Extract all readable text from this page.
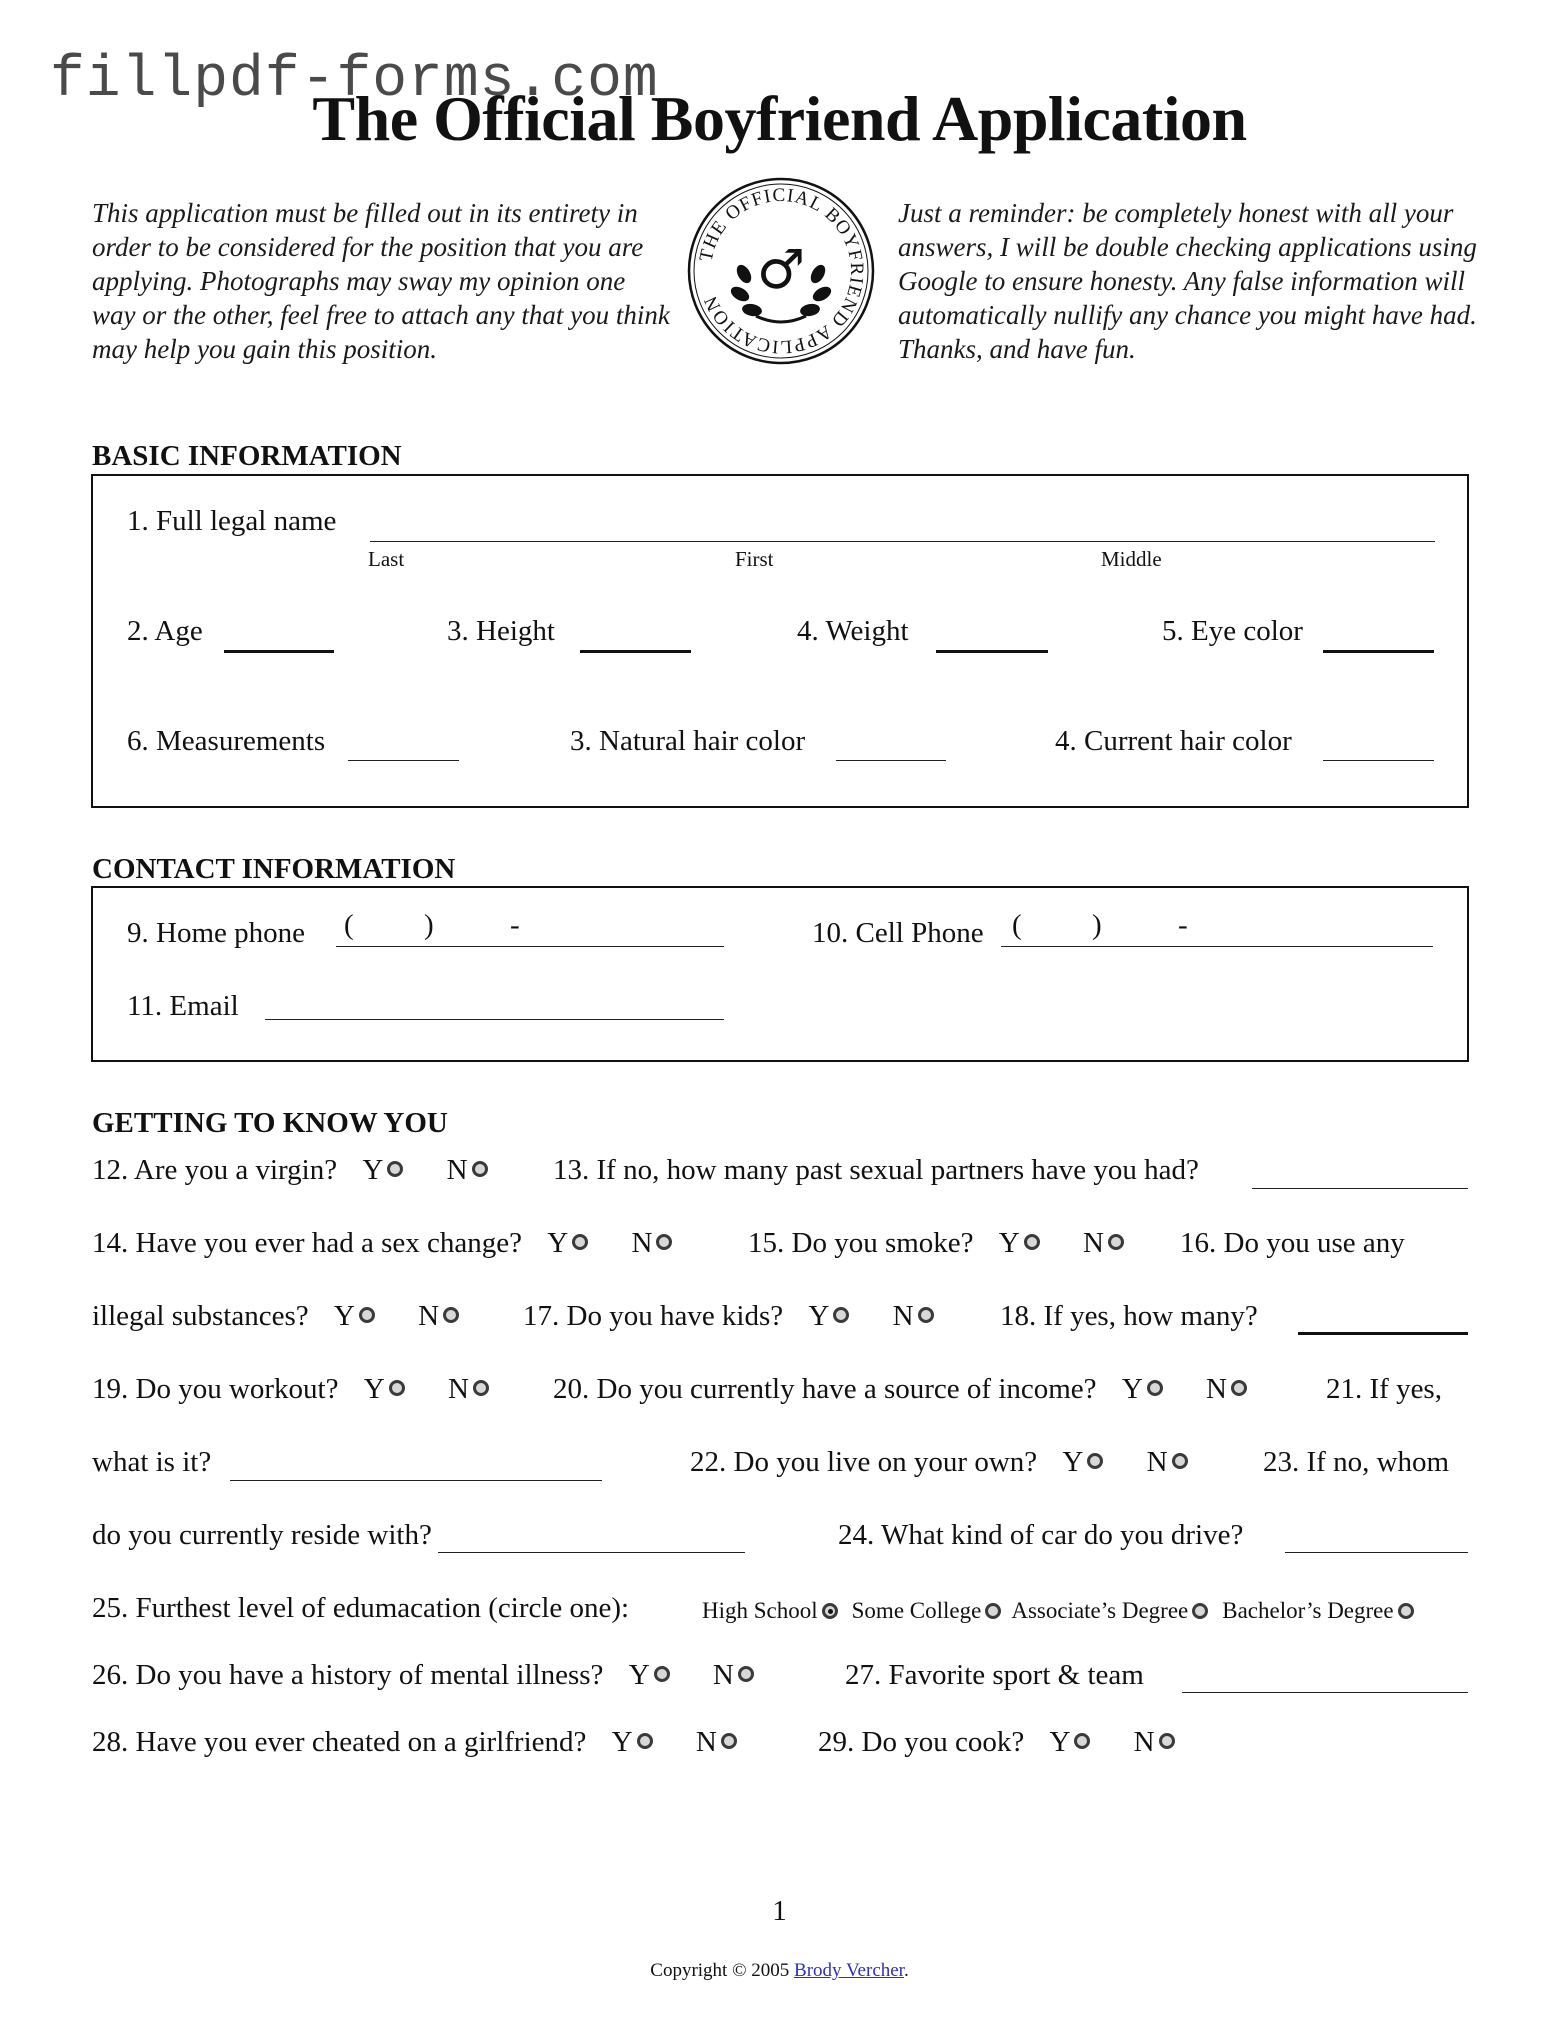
fillpdf-forms.com
The Official Boyfriend Application
This application must be filled out in its entirety in order to be considered for the position that you are applying. Photographs may sway my opinion one way or the other, feel free to attach any that you think may help you gain this position.
THE OFFICIAL BOYFRIEND APPLICATION
♂
Just a reminder: be completely honest with all your answers, I will be double checking applications using Google to ensure honesty. Any false information will automatically nullify any chance you might have had. Thanks, and have fun.
BASIC INFORMATION
1. Full legal name
Last	First	Middle
2. Age	3. Height	4. Weight	5. Eye color
6. Measurements	3. Natural hair color	4. Current hair color
CONTACT INFORMATION
9. Home phone ( )	-	10. Cell Phone ( )	-
11. Email
GETTING TO KNOW YOU
12. Are you a virgin? Y N	13. If no, how many past sexual partners have you had?
14. Have you ever had a sex change? Y N	15. Do you smoke? Y N	16. Do you use any
illegal substances? Y N	17. Do you have kids? Y N	18. If yes, how many?
19. Do you workout? Y N	20. Do you currently have a source of income? Y N	21. If yes,
what is it?	22. Do you live on your own? Y N	23. If no, whom
do you currently reside with?	24. What kind of car do you drive?
25. Furthest level of edumacation (circle one):	High School Some College Associate’s Degree Bachelor’s Degree
26. Do you have a history of mental illness? Y N	27. Favorite sport & team
28. Have you ever cheated on a girlfriend? Y N	29. Do you cook? Y N
1
Copyright © 2005 Brody Vercher.
